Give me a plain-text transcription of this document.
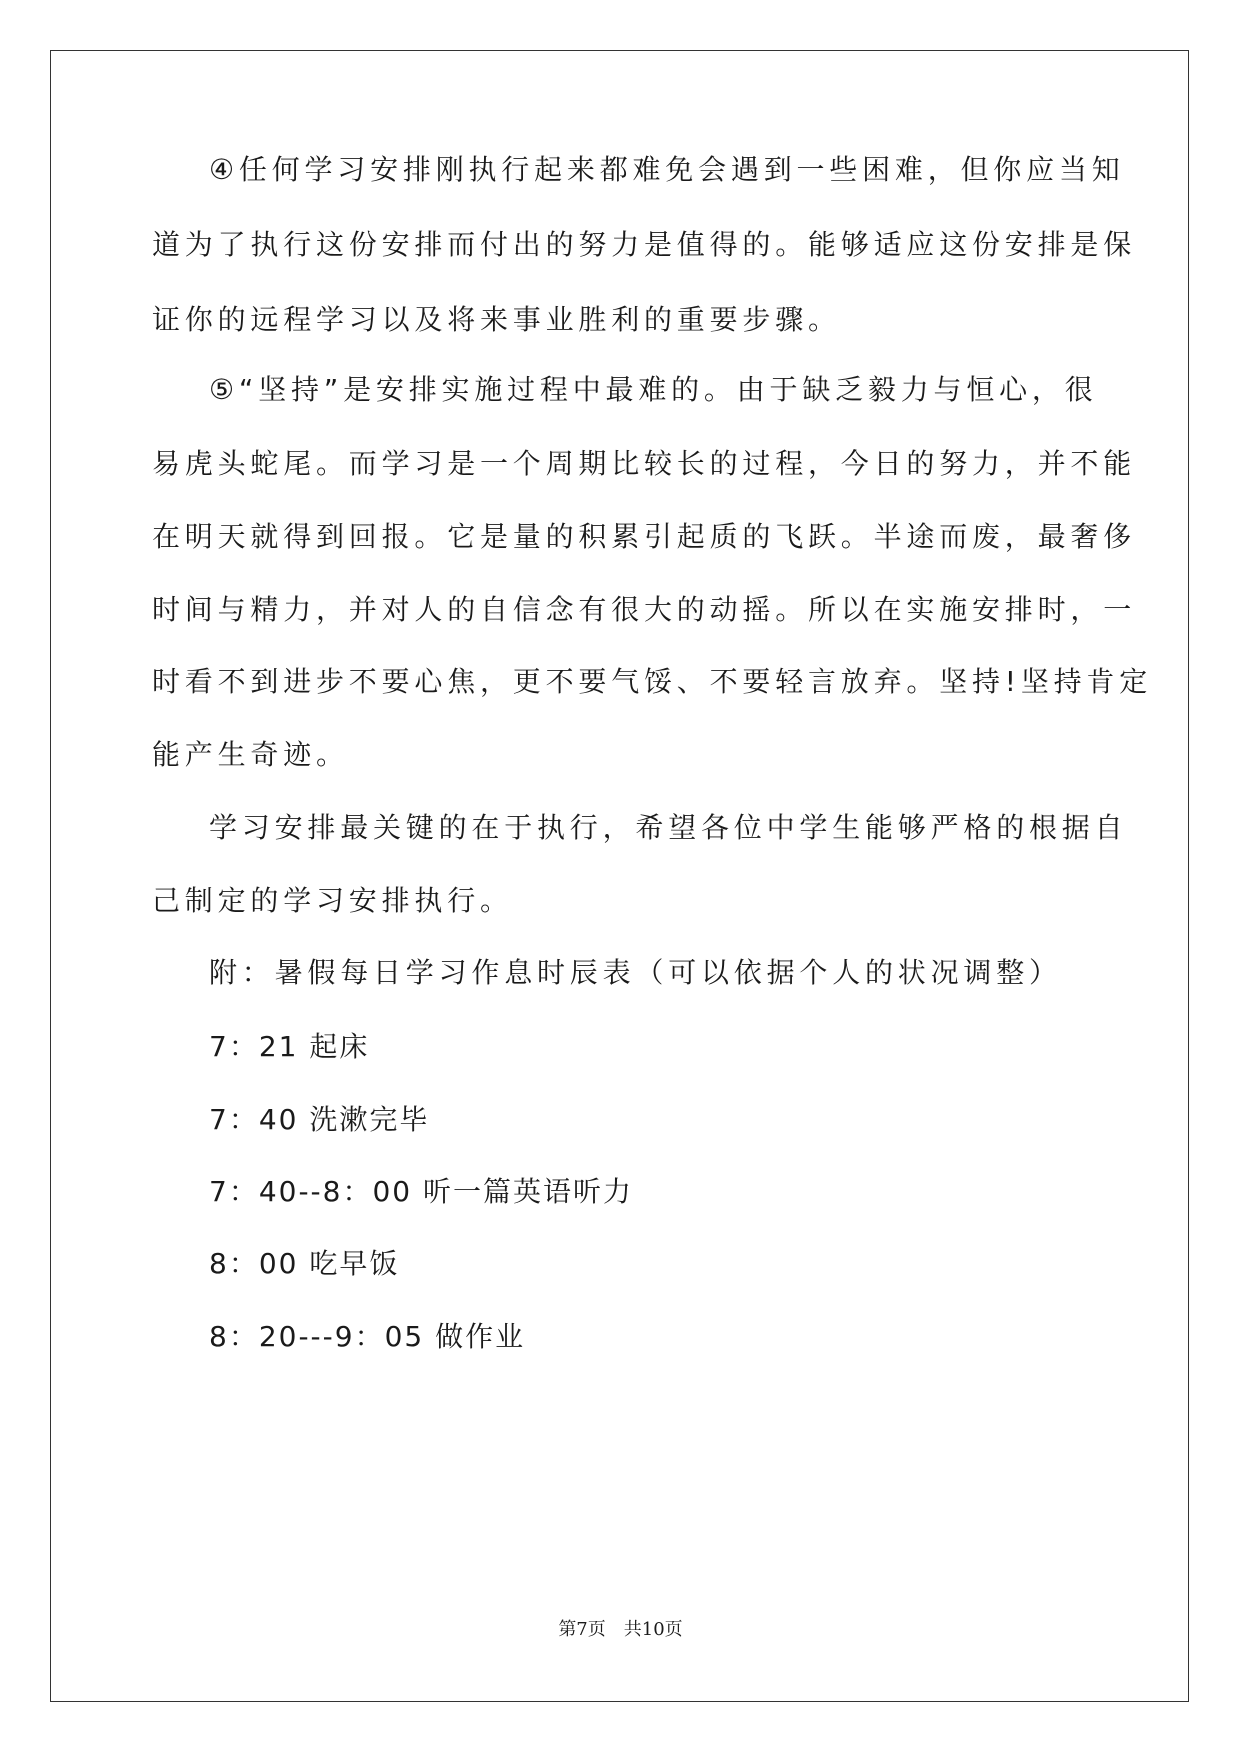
④任何学习安排刚执行起来都难免会遇到一些困难，但你应当知

道为了执行这份安排而付出的努力是值得的。能够适应这份安排是保

证你的远程学习以及将来事业胜利的重要步骤。

⑤“坚持”是安排实施过程中最难的。由于缺乏毅力与恒心，很

易虎头蛇尾。而学习是一个周期比较长的过程，今日的努力，并不能

在明天就得到回报。它是量的积累引起质的飞跃。半途而废，最奢侈

时间与精力，并对人的自信念有很大的动摇。所以在实施安排时，一

时看不到进步不要心焦，更不要气馁、不要轻言放弃。坚持!坚持肯定

能产生奇迹。

学习安排最关键的在于执行，希望各位中学生能够严格的根据自

己制定的学习安排执行。

附：暑假每日学习作息时辰表（可以依据个人的状况调整）

7：21 起床

7：40 洗漱完毕

7：40--8：00 听一篇英语听力

8：00 吃早饭

8：20---9：05 做作业

第7页　共10页
